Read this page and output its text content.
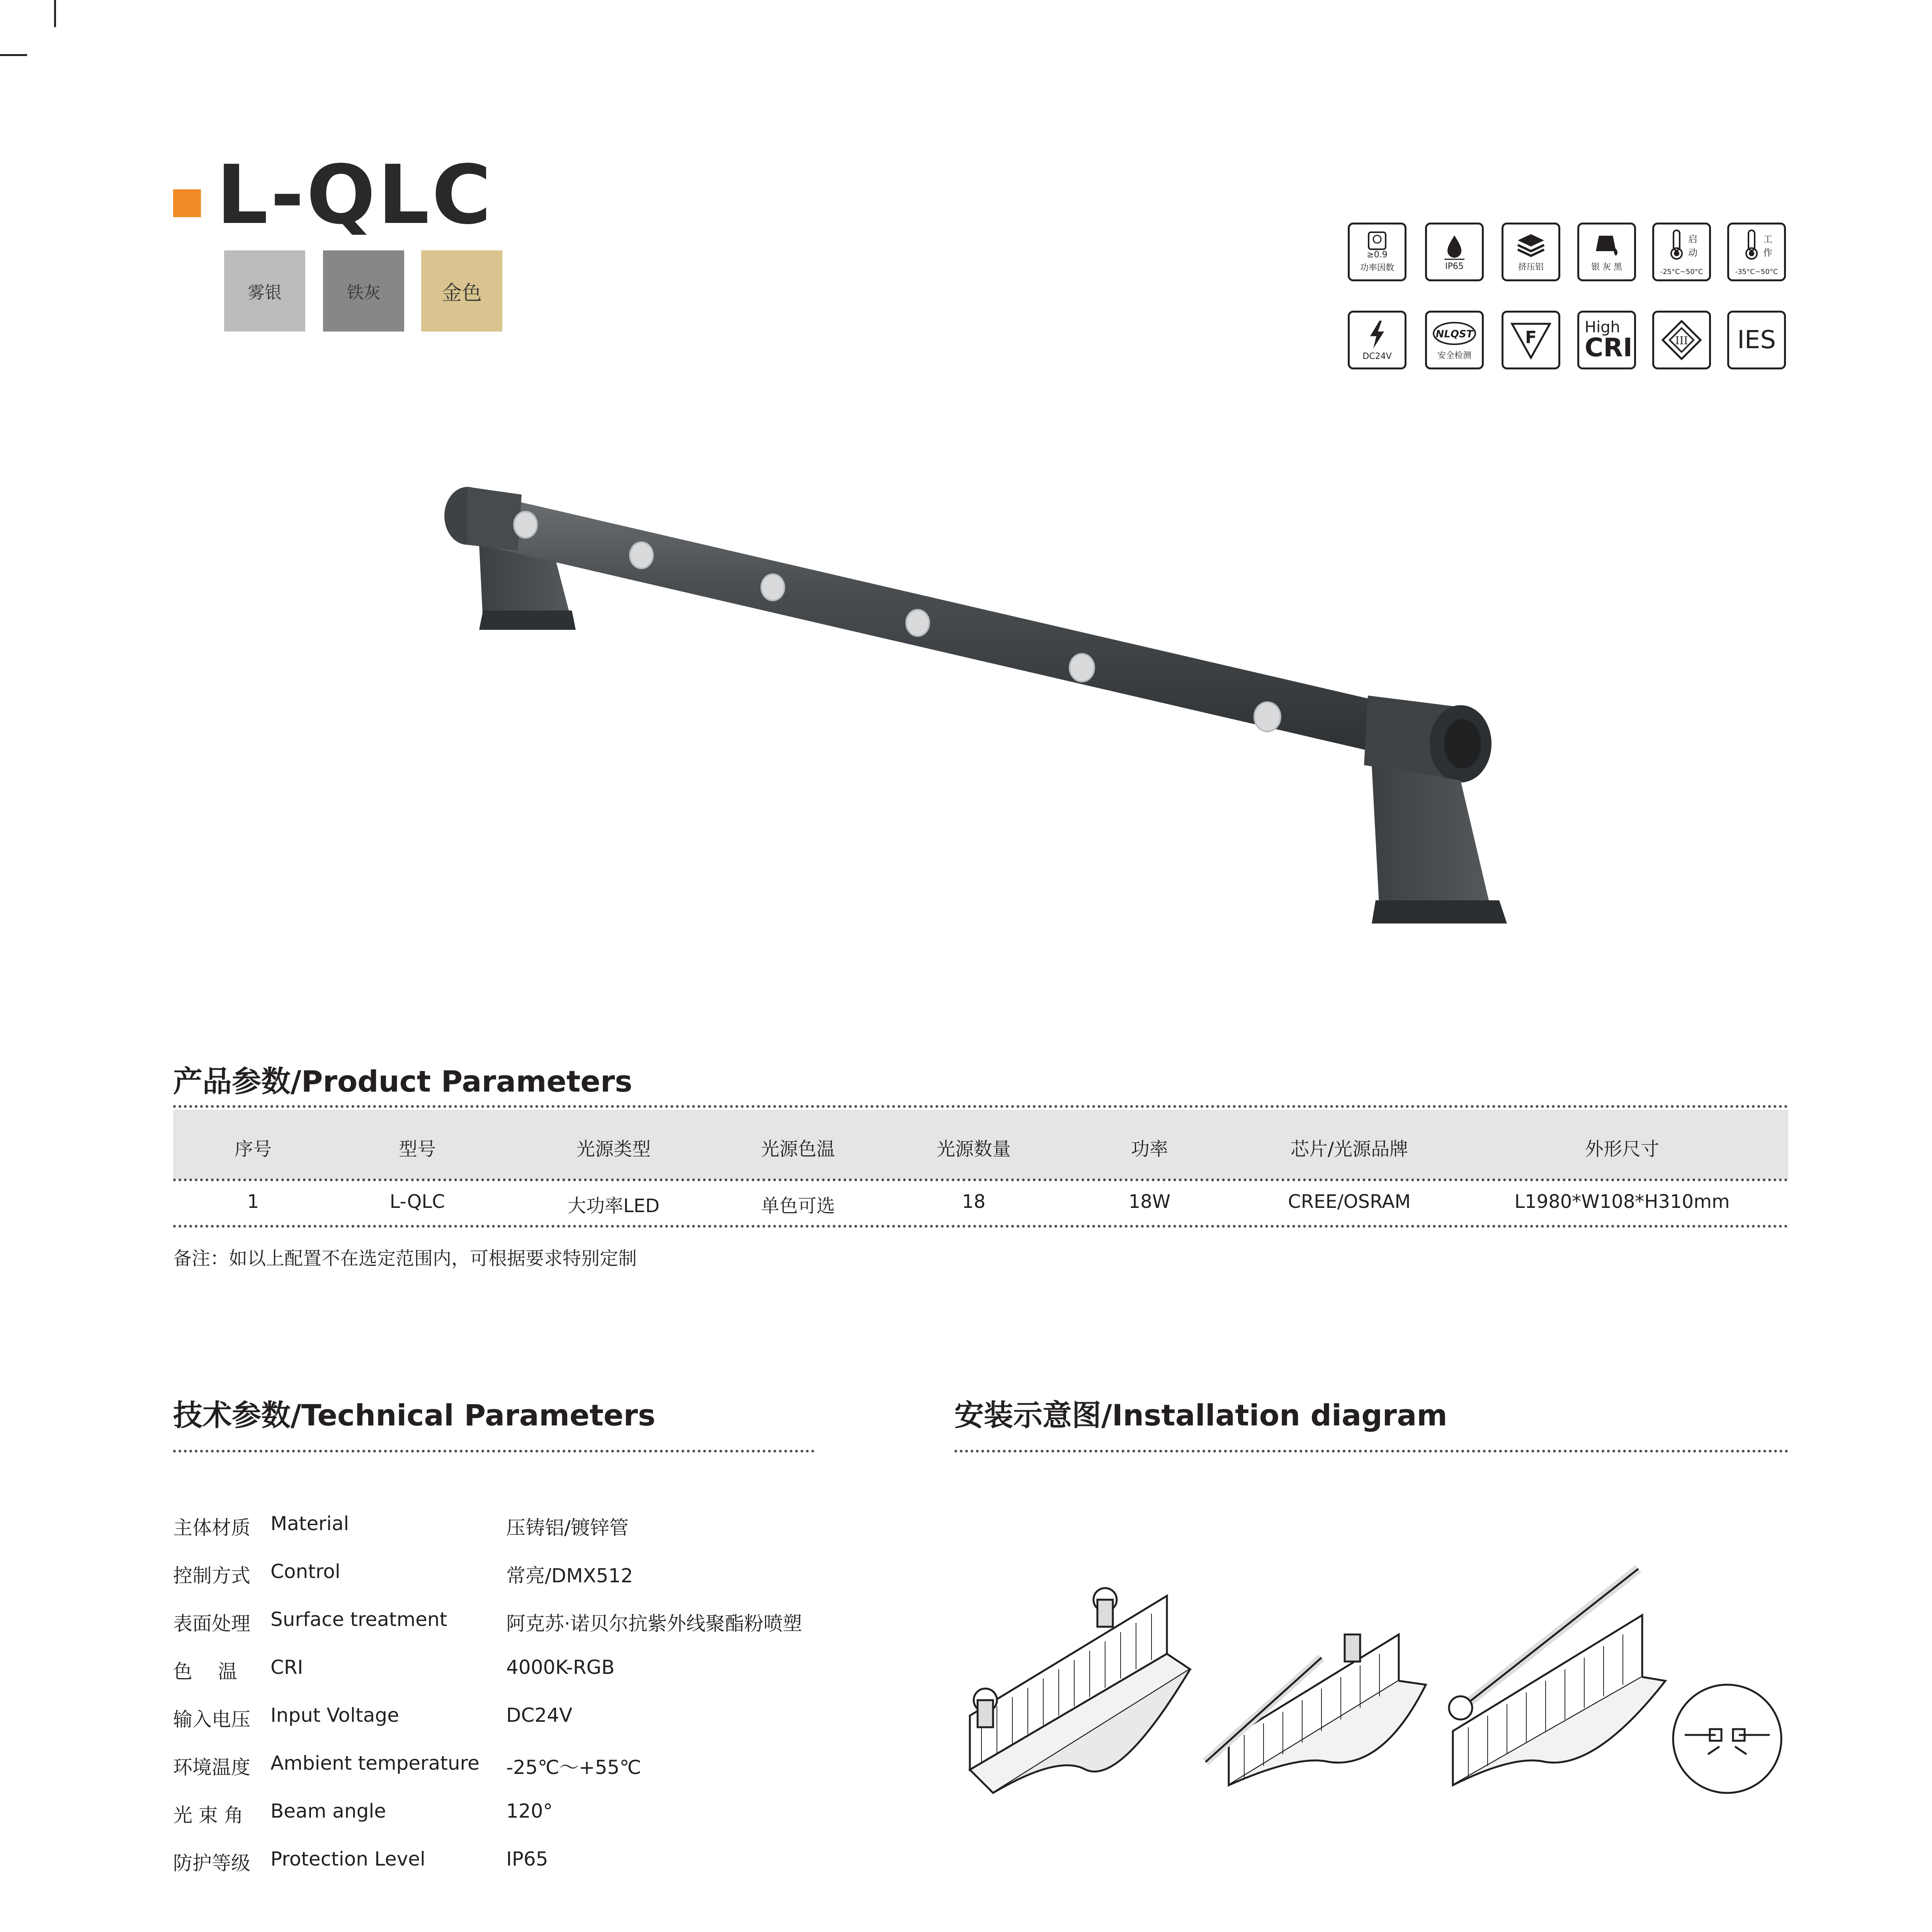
L-QLC
雾银	铁灰	金色
≥0.9
功率因数	IP65	挤压铝	银 灰 黑
启动
-25°C~50°C
工作
-35°C~50°C
DC24V
NLQST
安全检测
F
High
CRI	III IES
产品参数/Product Parameters
序号	型号	光源类型	光源色温	光源数量	功率	芯片/光源品牌	外形尺寸
1	L-QLC	大功率LED	单色可选	18	18W	CREE/OSRAM	L1980*W108*H310mm
备注：如以上配置不在选定范围内，可根据要求特别定制
技术参数/Technical Parameters
主体材质 Material	压铸铝/镀锌管
控制方式 Control	常亮/DMX512
表面处理 Surface treatment	阿克苏·诺贝尔抗紫外线聚酯粉喷塑
色　 温 CRI	4000K-RGB
输入电压 Input Voltage	DC24V
环境温度 Ambient temperature -25℃～+55℃
光 束 角 Beam angle	120°
防护等级 Protection Level	IP65
安装示意图/Installation diagram
